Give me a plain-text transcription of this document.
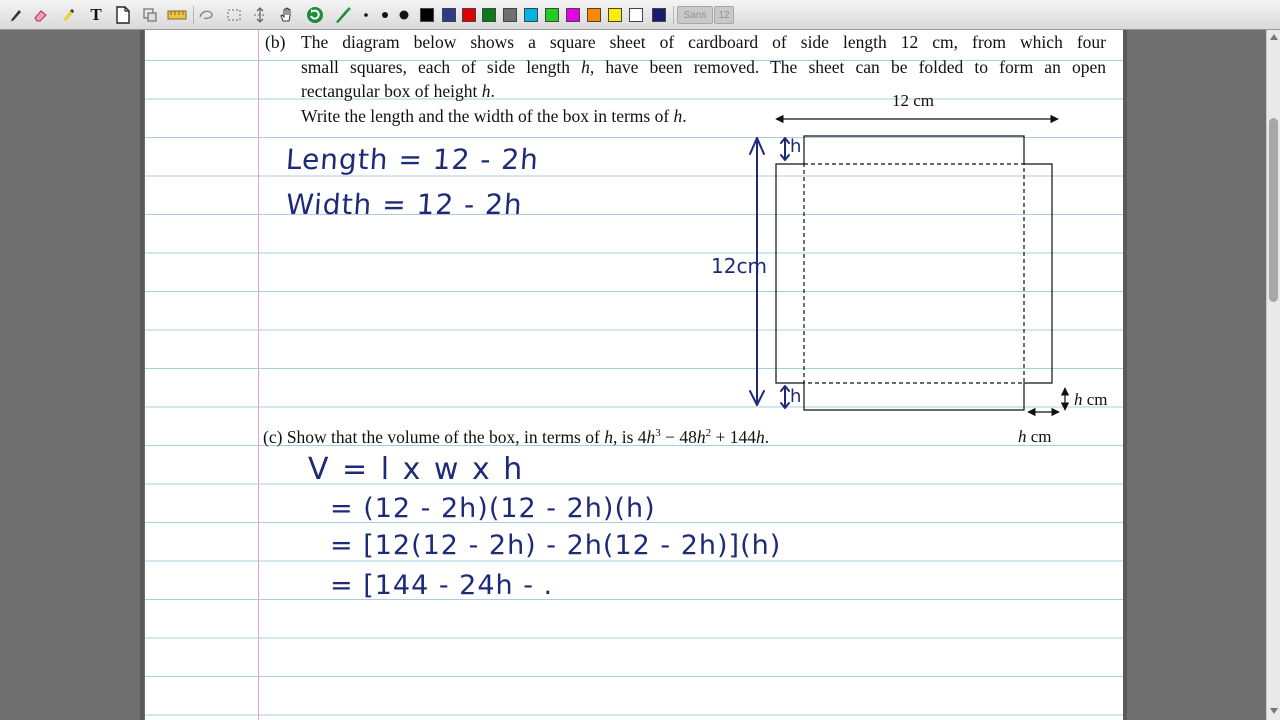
T	Sans 12
(b) The diagram below shows a square sheet of cardboard of side length 12 cm, from which four
small squares, each of side length h, have been removed. The sheet can be folded to form an open
rectangular box of height h.
Write the length and the width of the box in terms of h.
12 cm
h cm
h cm
Length = 12 - 2h
Width = 12 - 2h
12cm
h
h
(c) Show that the volume of the box, in terms of h, is $4h^3 - 48h^2 + 144h$.
V = l x w x h
= (12 - 2h)(12 - 2h)(h)
= [12(12 - 2h) - 2h(12 - 2h)](h)
= [144 - 24h - .
